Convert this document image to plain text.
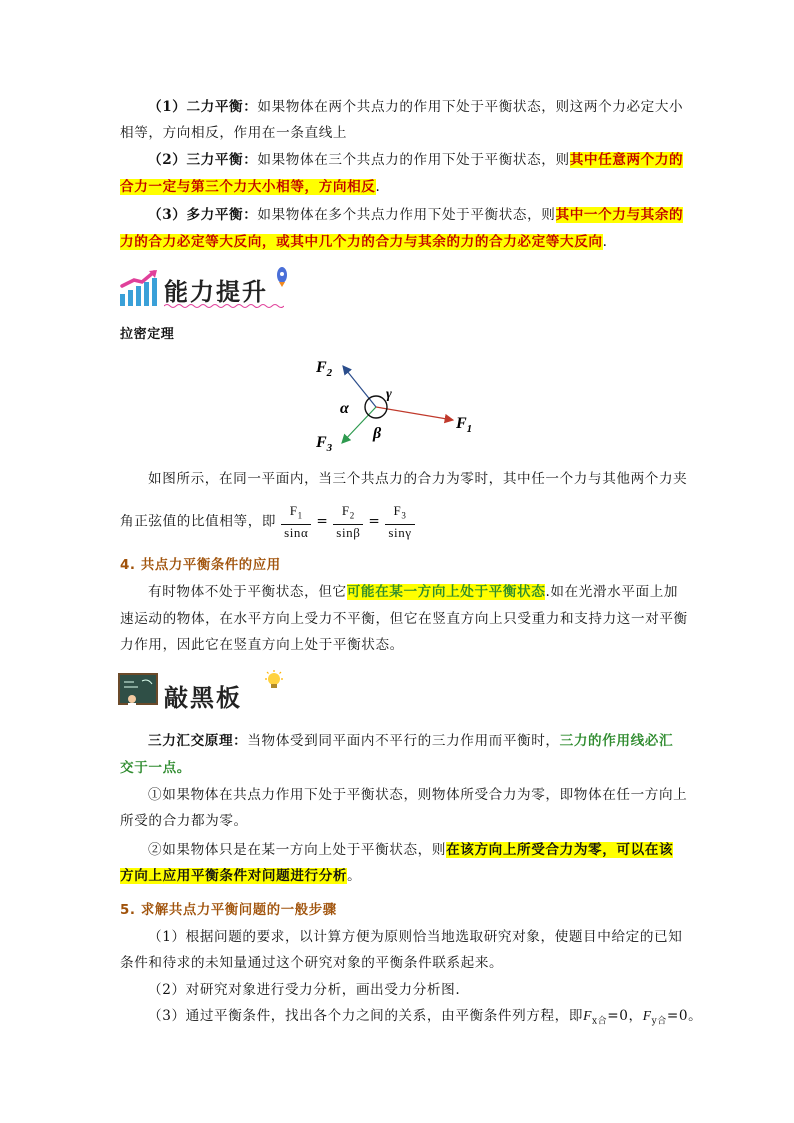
（1）二力平衡：如果物体在两个共点力的作用下处于平衡状态，则这两个力必定大小
相等，方向相反，作用在一条直线上
（2）三力平衡：如果物体在三个共点力的作用下处于平衡状态，则其中任意两个力的
合力一定与第三个力大小相等，方向相反.
（3）多力平衡：如果物体在多个共点力作用下处于平衡状态，则其中一个力与其余的
力的合力必定等大反向，或其中几个力的合力与其余的力的合力必定等大反向.
能力提升
拉密定理
$F_2$
$F_1$
$F_3$
α
β
γ
如图所示，在同一平面内，当三个共点力的合力为零时，其中任一个力与其他两个力夹
角正弦值的比值相等，即 $\frac{F_1}{\sin\alpha} = \frac{F_2}{\sin\beta} = \frac{F_3}{\sin\gamma}$
4. 共点力平衡条件的应用
有时物体不处于平衡状态，但它可能在某一方向上处于平衡状态.如在光滑水平面上加
速运动的物体，在水平方向上受力不平衡，但它在竖直方向上只受重力和支持力这一对平衡
力作用，因此它在竖直方向上处于平衡状态。
敲黑板
三力汇交原理：当物体受到同平面内不平行的三力作用而平衡时，三力的作用线必汇
交于一点。
①如果物体在共点力作用下处于平衡状态，则物体所受合力为零，即物体在任一方向上
所受的合力都为零。
②如果物体只是在某一方向上处于平衡状态，则在该方向上所受合力为零，可以在该
方向上应用平衡条件对问题进行分析。
5. 求解共点力平衡问题的一般步骤
（1）根据问题的要求，以计算方便为原则恰当地选取研究对象，使题目中给定的已知
条件和待求的未知量通过这个研究对象的平衡条件联系起来。
（2）对研究对象进行受力分析，画出受力分析图.
（3）通过平衡条件，找出各个力之间的关系，由平衡条件列方程，即$F_{x合}=0$，$F_{y合}=0$。
